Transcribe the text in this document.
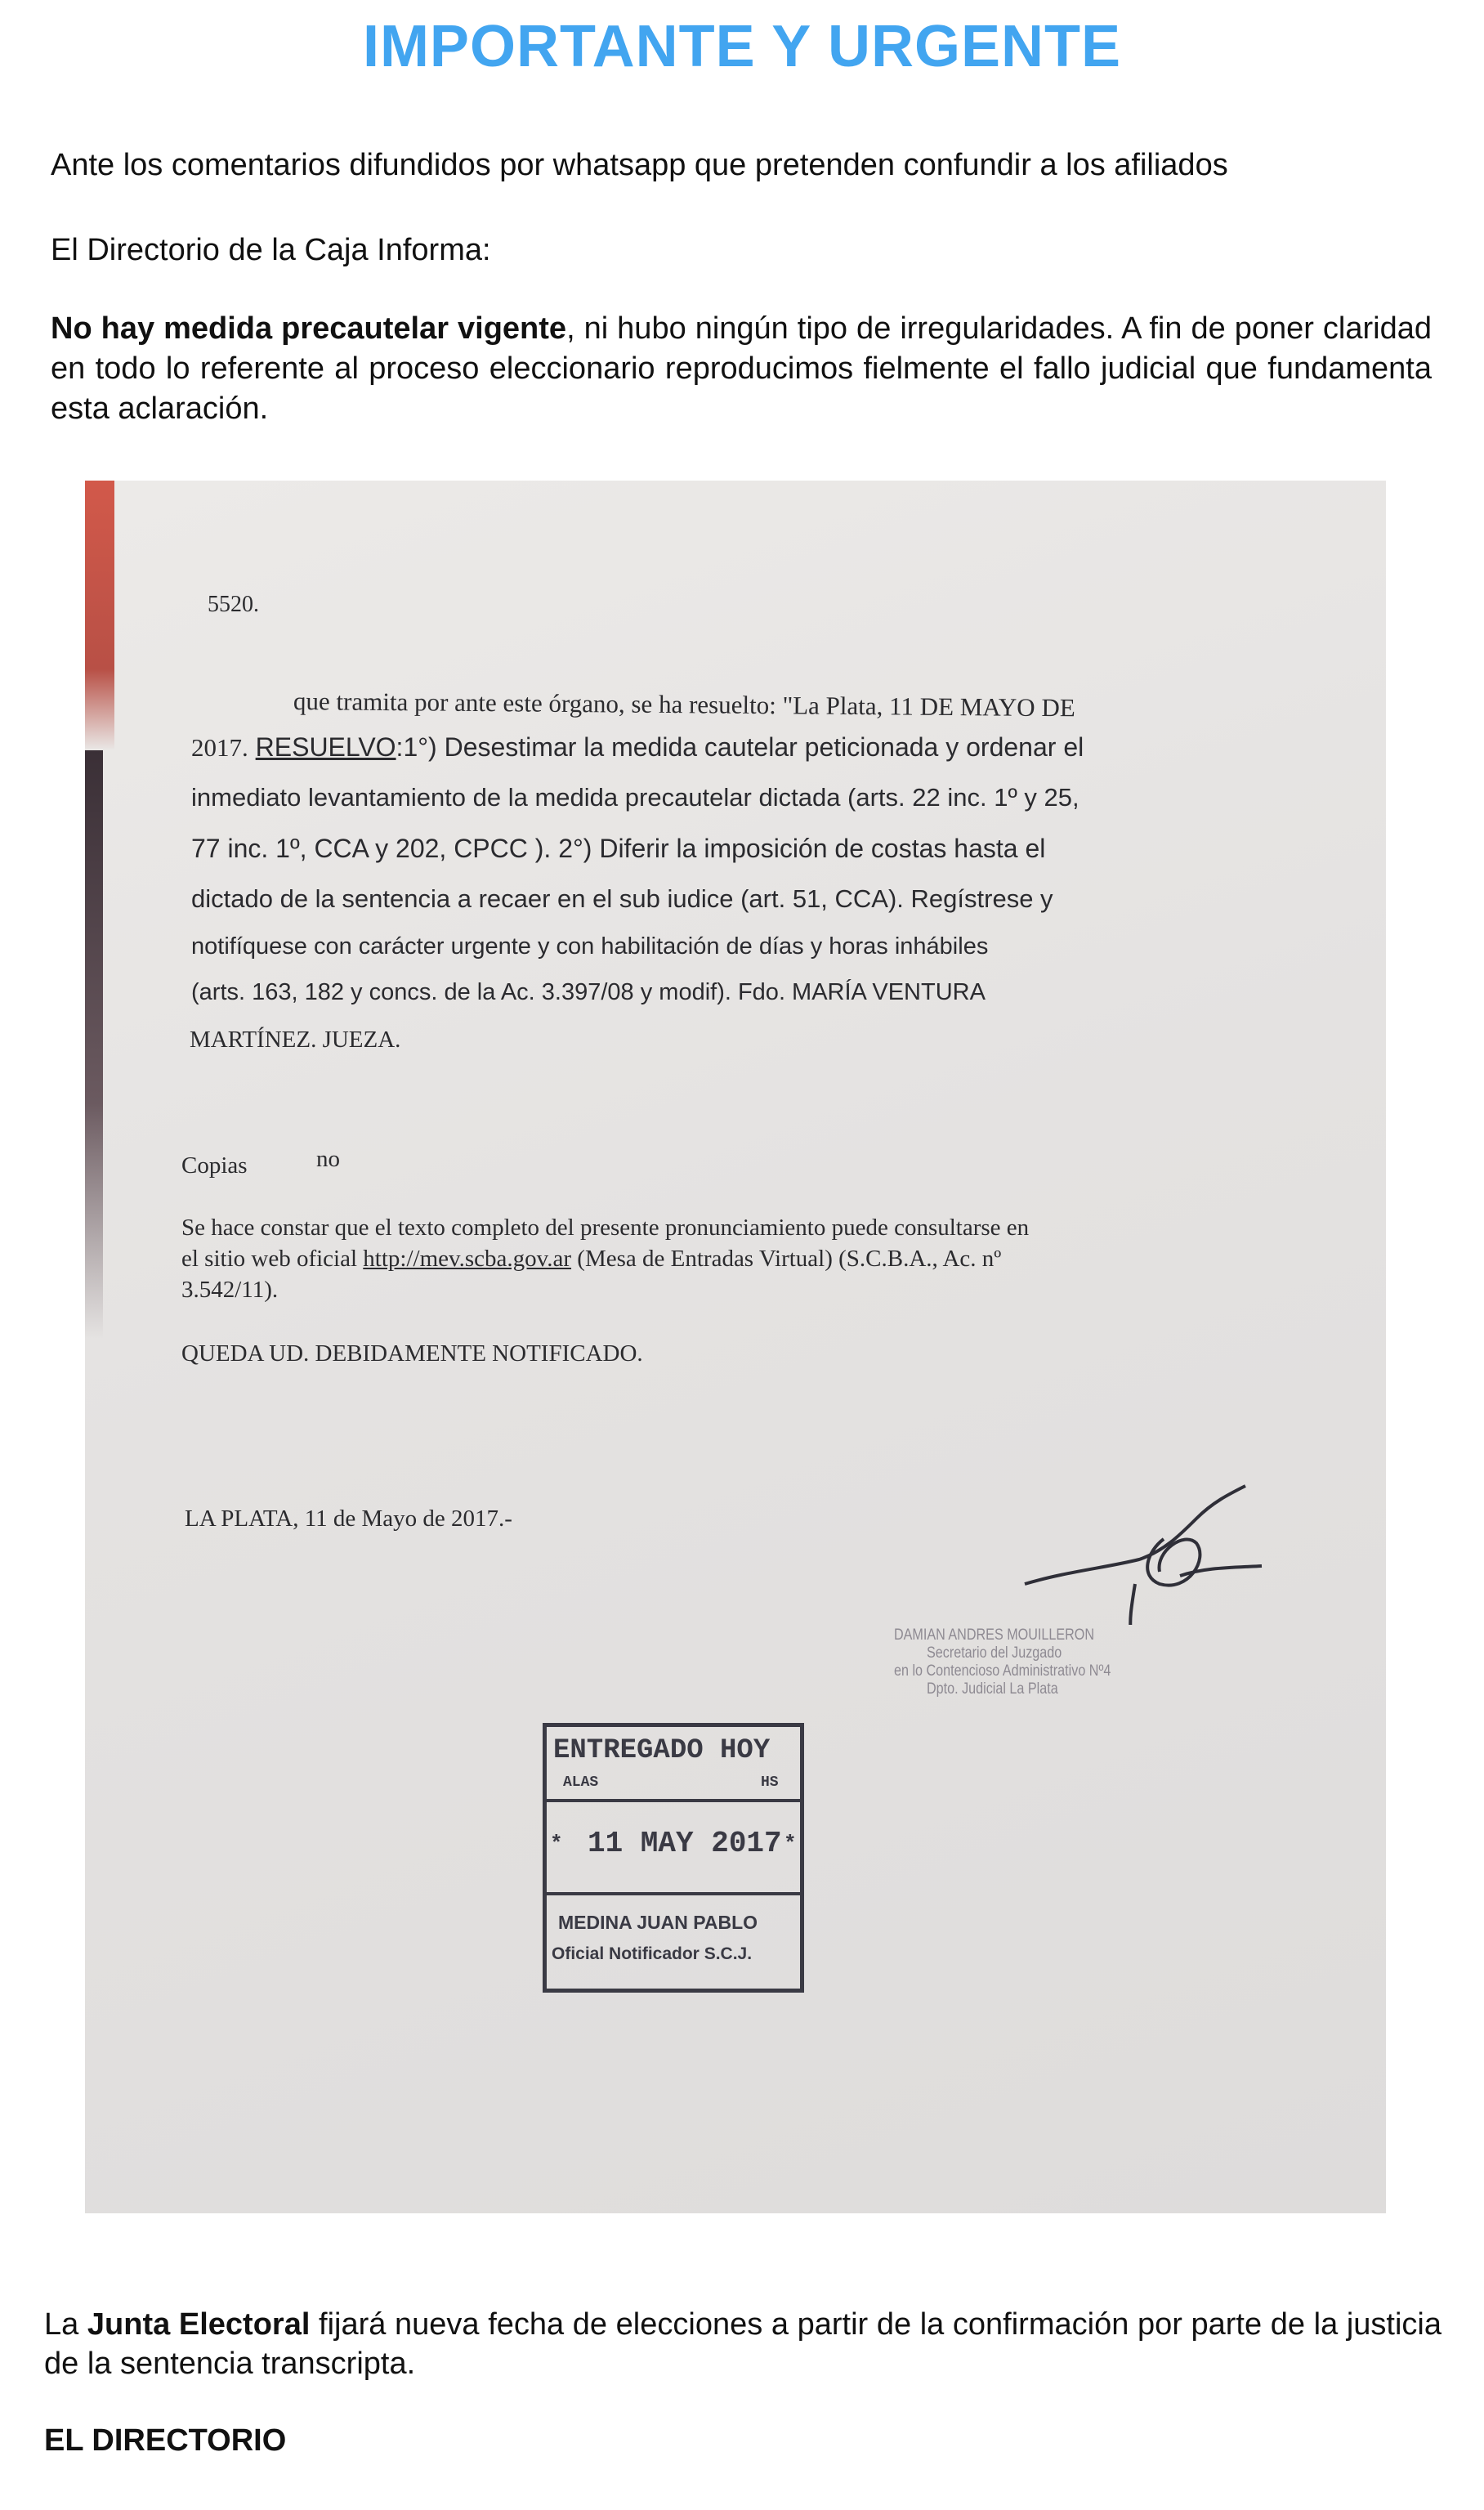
IMPORTANTE Y URGENTE
Ante los comentarios difundidos por whatsapp que pretenden confundir a los afiliados
El Directorio de la Caja Informa:
No hay medida precautelar vigente, ni hubo ningún tipo de irregularidades. A fin de poner claridad en todo lo referente al proceso eleccionario reproducimos fielmente el fallo judicial que fundamenta esta aclaración.
5520.
que tramita por ante este órgano, se ha resuelto: "La Plata, 11 DE MAYO DE
2017. RESUELVO:1°) Desestimar la medida cautelar peticionada y ordenar el
inmediato levantamiento de la medida precautelar dictada (arts. 22 inc. 1º y 25,
77 inc. 1º, CCA y 202, CPCC ). 2°) Diferir la imposición de costas hasta el
dictado de la sentencia a recaer en el sub iudice (art. 51, CCA). Regístrese y
notifíquese con carácter urgente y con habilitación de días y horas inhábiles
(arts. 163, 182 y concs. de la Ac. 3.397/08 y modif). Fdo. MARÍA VENTURA
MARTÍNEZ. JUEZA.
Copias	no
Se hace constar que el texto completo del presente pronunciamiento puede consultarse en
el sitio web oficial http://mev.scba.gov.ar (Mesa de Entradas Virtual) (S.C.B.A., Ac. nº
3.542/11).
QUEDA UD. DEBIDAMENTE NOTIFICADO.
LA PLATA, 11 de Mayo de 2017.-
DAMIAN ANDRES MOUILLERON
Secretario del Juzgado
en lo Contencioso Administrativo Nº4
Dpto. Judicial La Plata
ENTREGADO HOY
ALAS	HS
* 11 MAY 2017 *
MEDINA JUAN PABLO
Oficial Notificador S.C.J.
La Junta Electoral fijará nueva fecha de elecciones a partir de la confirmación por parte de la justicia de la sentencia transcripta.
EL DIRECTORIO
